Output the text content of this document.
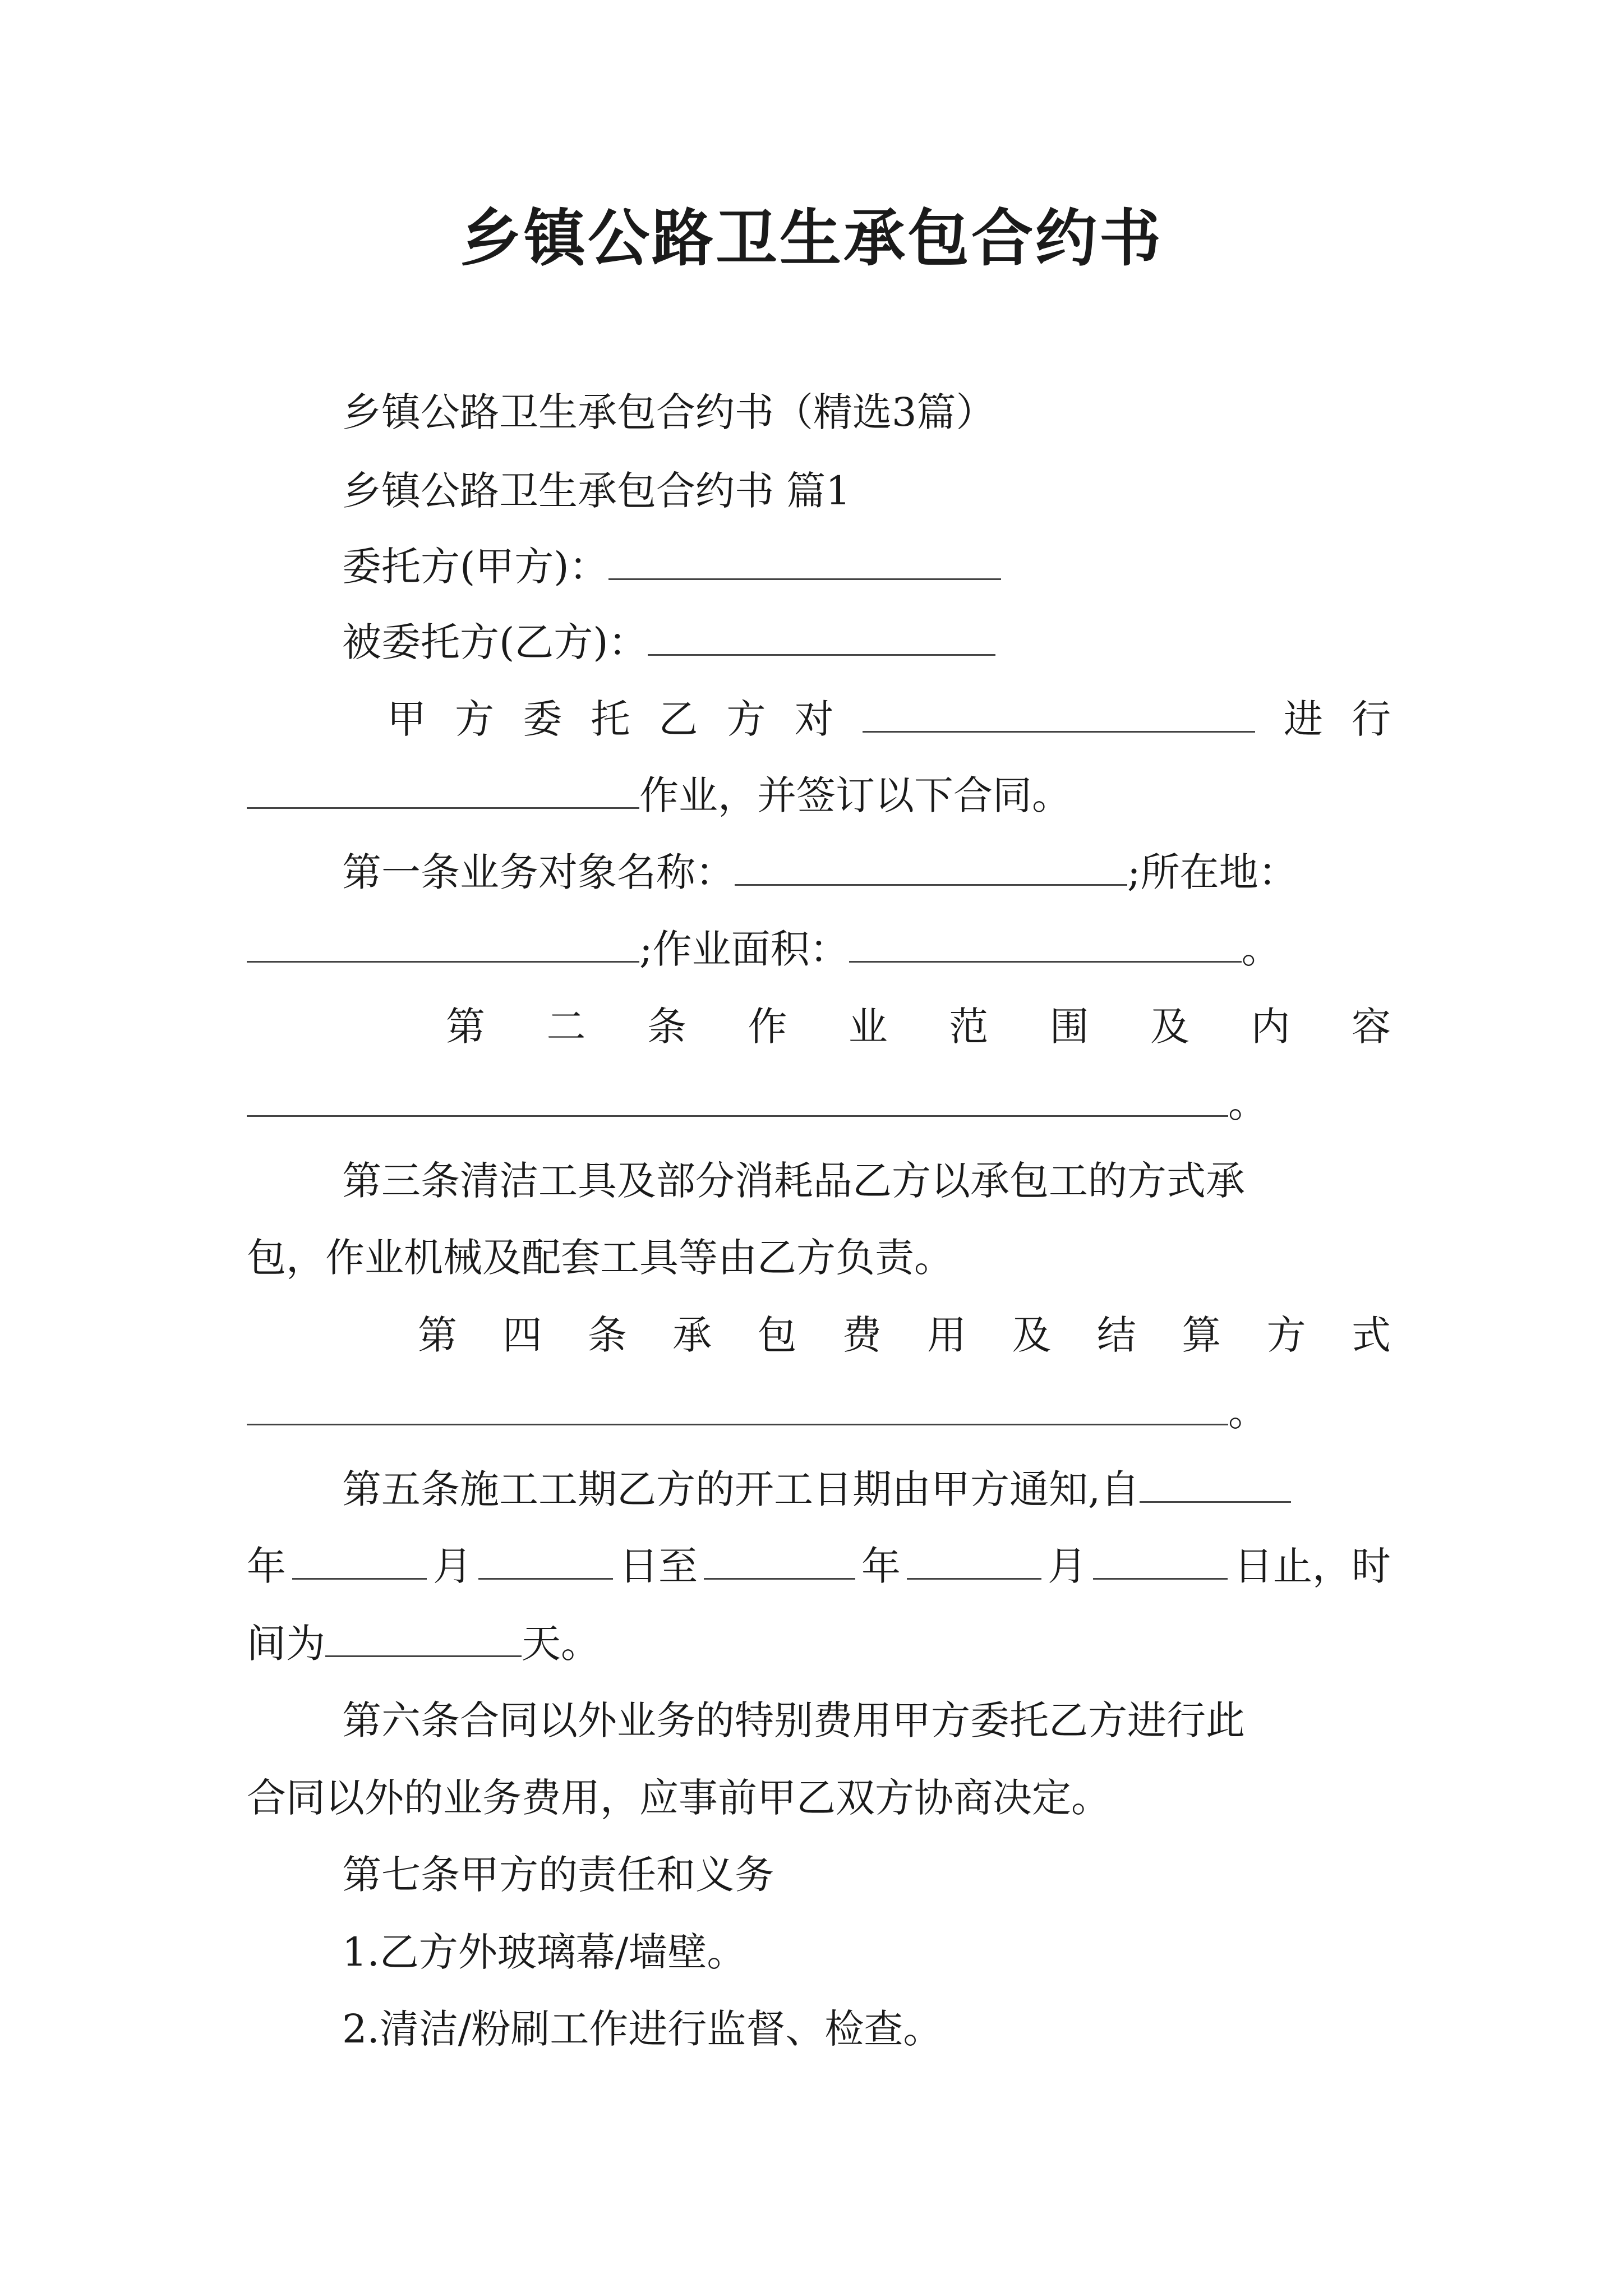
乡镇公路卫生承包合约书
乡镇公路卫生承包合约书（精选3篇）
乡镇公路卫生承包合约书 篇1
委托方(甲方)：
被委托方(乙方)：
甲 方 委 托 乙 方 对	进 行
作业，并签订以下合同。
第一条业务对象名称：	;所在地：
;作业面积：	。
第 二 条 作 业 范 围 及 内 容
。
第三条清洁工具及部分消耗品乙方以承包工的方式承
包，作业机械及配套工具等由乙方负责。
第 四 条 承 包 费 用 及 结 算 方 式
。
第五条施工工期乙方的开工日期由甲方通知,自
年	月	日至	年	月	日止，时
间为	天。
第六条合同以外业务的特别费用甲方委托乙方进行此
合同以外的业务费用，应事前甲乙双方协商决定。
第七条甲方的责任和义务
1.乙方外玻璃幕/墙壁。
2.清洁/粉刷工作进行监督、检查。
